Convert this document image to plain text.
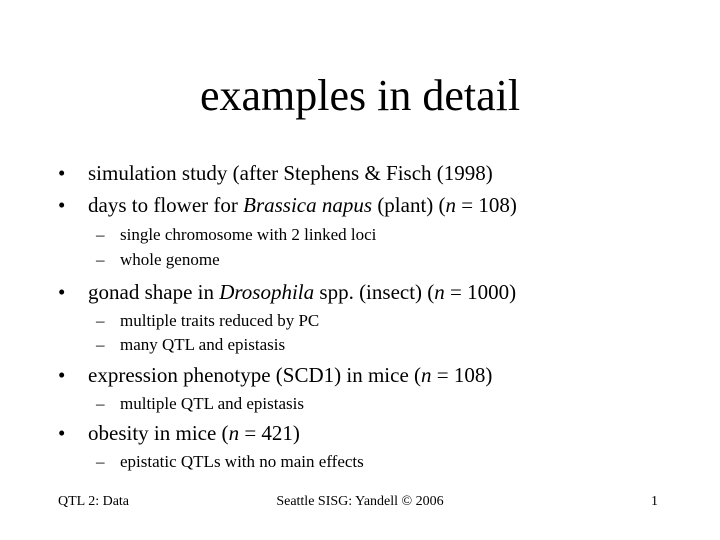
examples in detail
• simulation study (after Stephens & Fisch (1998)
• days to flower for Brassica napus (plant) (n = 108)
– single chromosome with 2 linked loci
– whole genome
• gonad shape in Drosophila spp. (insect) (n = 1000)
– multiple traits reduced by PC
– many QTL and epistasis
• expression phenotype (SCD1) in mice (n = 108)
– multiple QTL and epistasis
• obesity in mice (n = 421)
– epistatic QTLs with no main effects
QTL 2: Data	Seattle SISG: Yandell © 2006	1
